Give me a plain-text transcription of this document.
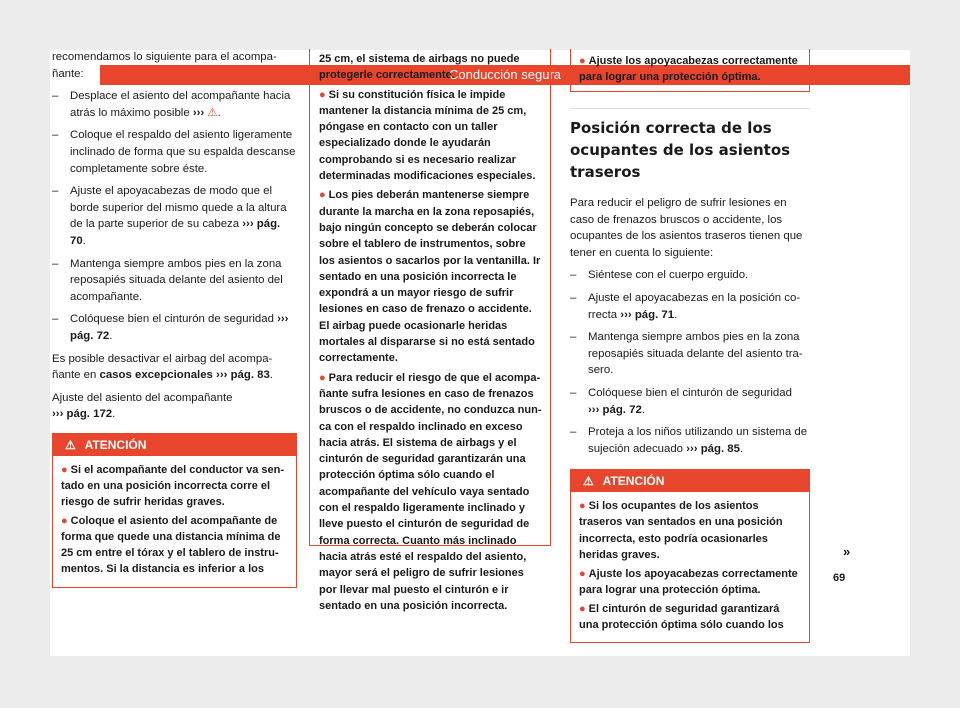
Conducción segura

recomendamos lo siguiente para el acompañante:

– Desplace el asiento del acompañante hacia atrás lo máximo posible ››› ⚠.
– Coloque el respaldo del asiento ligeramente inclinado de forma que su espalda descanse completamente sobre éste.
– Ajuste el apoyacabezas de modo que el borde superior del mismo quede a la altura de la parte superior de su cabeza ››› pág. 70.
– Mantenga siempre ambos pies en la zona reposapiés situada delante del asiento del acompañante.
– Colóquese bien el cinturón de seguridad ››› pág. 72.

Es posible desactivar el airbag del acompañante en casos excepcionales ››› pág. 83.

Ajuste del asiento del acompañante
››› pág. 172.

⚠ ATENCIÓN

● Si el acompañante del conductor va sentado en una posición incorrecta corre el riesgo de sufrir heridas graves.

● Coloque el asiento del acompañante de forma que quede una distancia mínima de 25 cm entre el tórax y el tablero de instrumentos. Si la distancia es inferior a los

25 cm, el sistema de airbags no puede protegerle correctamente.

● Si su constitución física le impide mantener la distancia mínima de 25 cm, póngase en contacto con un taller especializado donde le ayudarán comprobando si es necesario realizar determinadas modificaciones especiales.

● Los pies deberán mantenerse siempre durante la marcha en la zona reposapiés, bajo ningún concepto se deberán colocar sobre el tablero de instrumentos, sobre los asientos o sacarlos por la ventanilla. Ir sentado en una posición incorrecta le expondrá a un mayor riesgo de sufrir lesiones en caso de frenazo o accidente. El airbag puede ocasionarle heridas mortales al dispararse si no está sentado correctamente.

● Para reducir el riesgo de que el acompañante sufra lesiones en caso de frenazos bruscos o de accidente, no conduzca nunca con el respaldo inclinado en exceso hacia atrás. El sistema de airbags y el cinturón de seguridad garantizarán una protección óptima sólo cuando el acompañante del vehículo vaya sentado con el respaldo ligeramente inclinado y lleve puesto el cinturón de seguridad de forma correcta. Cuanto más inclinado hacia atrás esté el respaldo del asiento, mayor será el peligro de sufrir lesiones por llevar mal puesto el cinturón e ir sentado en una posición incorrecta.

● Ajuste los apoyacabezas correctamente para lograr una protección óptima.
Posición correcta de los ocupantes de los asientos traseros

Para reducir el peligro de sufrir lesiones en caso de frenazos bruscos o accidente, los ocupantes de los asientos traseros tienen que tener en cuenta lo siguiente:

– Siéntese con el cuerpo erguido.
– Ajuste el apoyacabezas en la posición correcta ››› pág. 71.
– Mantenga siempre ambos pies en la zona reposapiés situada delante del asiento trasero.
– Colóquese bien el cinturón de seguridad
››› pág. 72.
– Proteja a los niños utilizando un sistema de sujeción adecuado ››› pág. 85.
⚠ ATENCIÓN

● Si los ocupantes de los asientos traseros van sentados en una posición incorrecta, esto podría ocasionarles heridas graves.

● Ajuste los apoyacabezas correctamente para lograr una protección óptima.

● El cinturón de seguridad garantizará una protección óptima sólo cuando los

»
69
